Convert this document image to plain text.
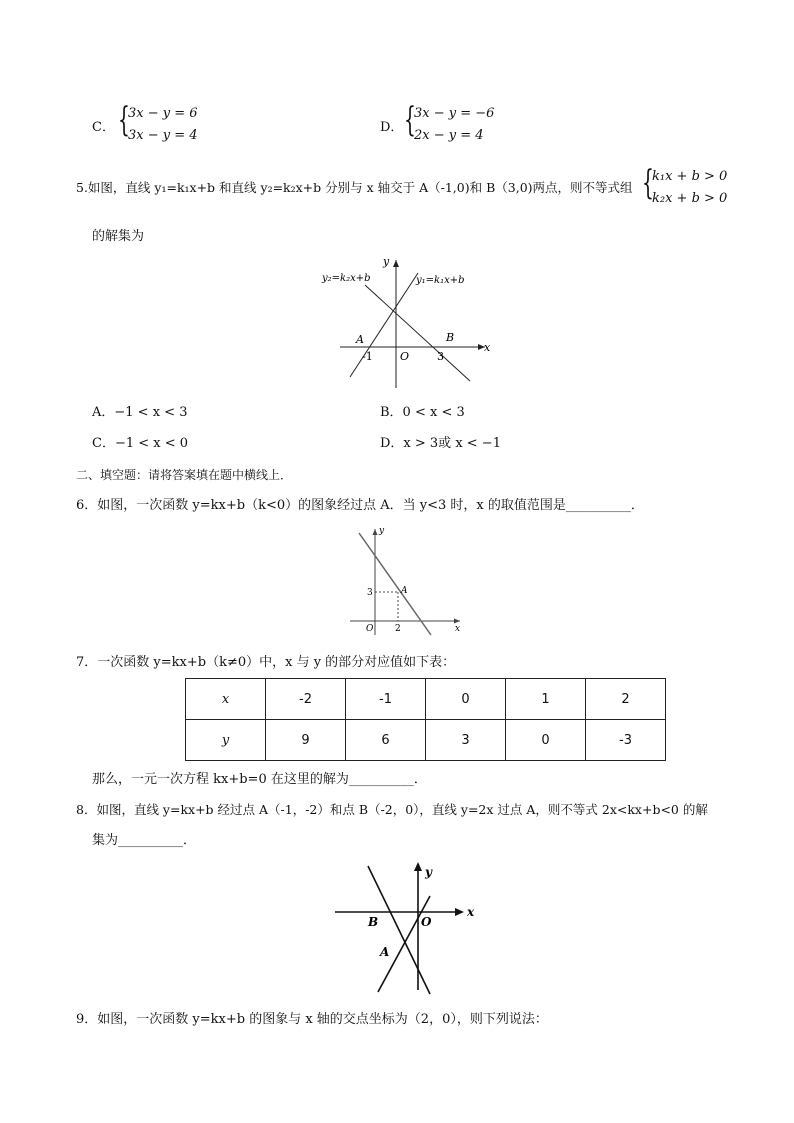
C． {
3x − y = 6
3x − y = 4
D． {
3x − y = −6
2x − y = 4
5.如图，直线 y₁=k₁x+b 和直线 y₂=k₂x+b 分别与 x 轴交于 A（-1,0)和 B（3,0)两点，则不等式组 {
k₁x + b > 0
k₂x + b > 0
的解集为
y₂=k₂x+b	y₁=k₁x+b
y
x
A	B
O
-1	3
A．−1 < x < 3	B．0 < x < 3
C．−1 < x < 0	D．x > 3或 x < −1
二、填空题：请将答案填在题中横线上．
6．如图，一次函数 y=kx+b（k<0）的图象经过点 A．当 y<3 时，x 的取值范围是__________．
y
x
A
O
3
2
7．一次函数 y=kx+b（k≠0）中，x 与 y 的部分对应值如下表：
x	-2	-1	0	1	2
y	9	6	3	0	-3
那么，一元一次方程 kx+b=0 在这里的解为__________．
8．如图，直线 y=kx+b 经过点 A（-1，-2）和点 B（-2，0），直线 y=2x 过点 A，则不等式 2x<kx+b<0 的解
集为__________．
y
x
B	O
A
9．如图，一次函数 y=kx+b 的图象与 x 轴的交点坐标为（2，0），则下列说法：
